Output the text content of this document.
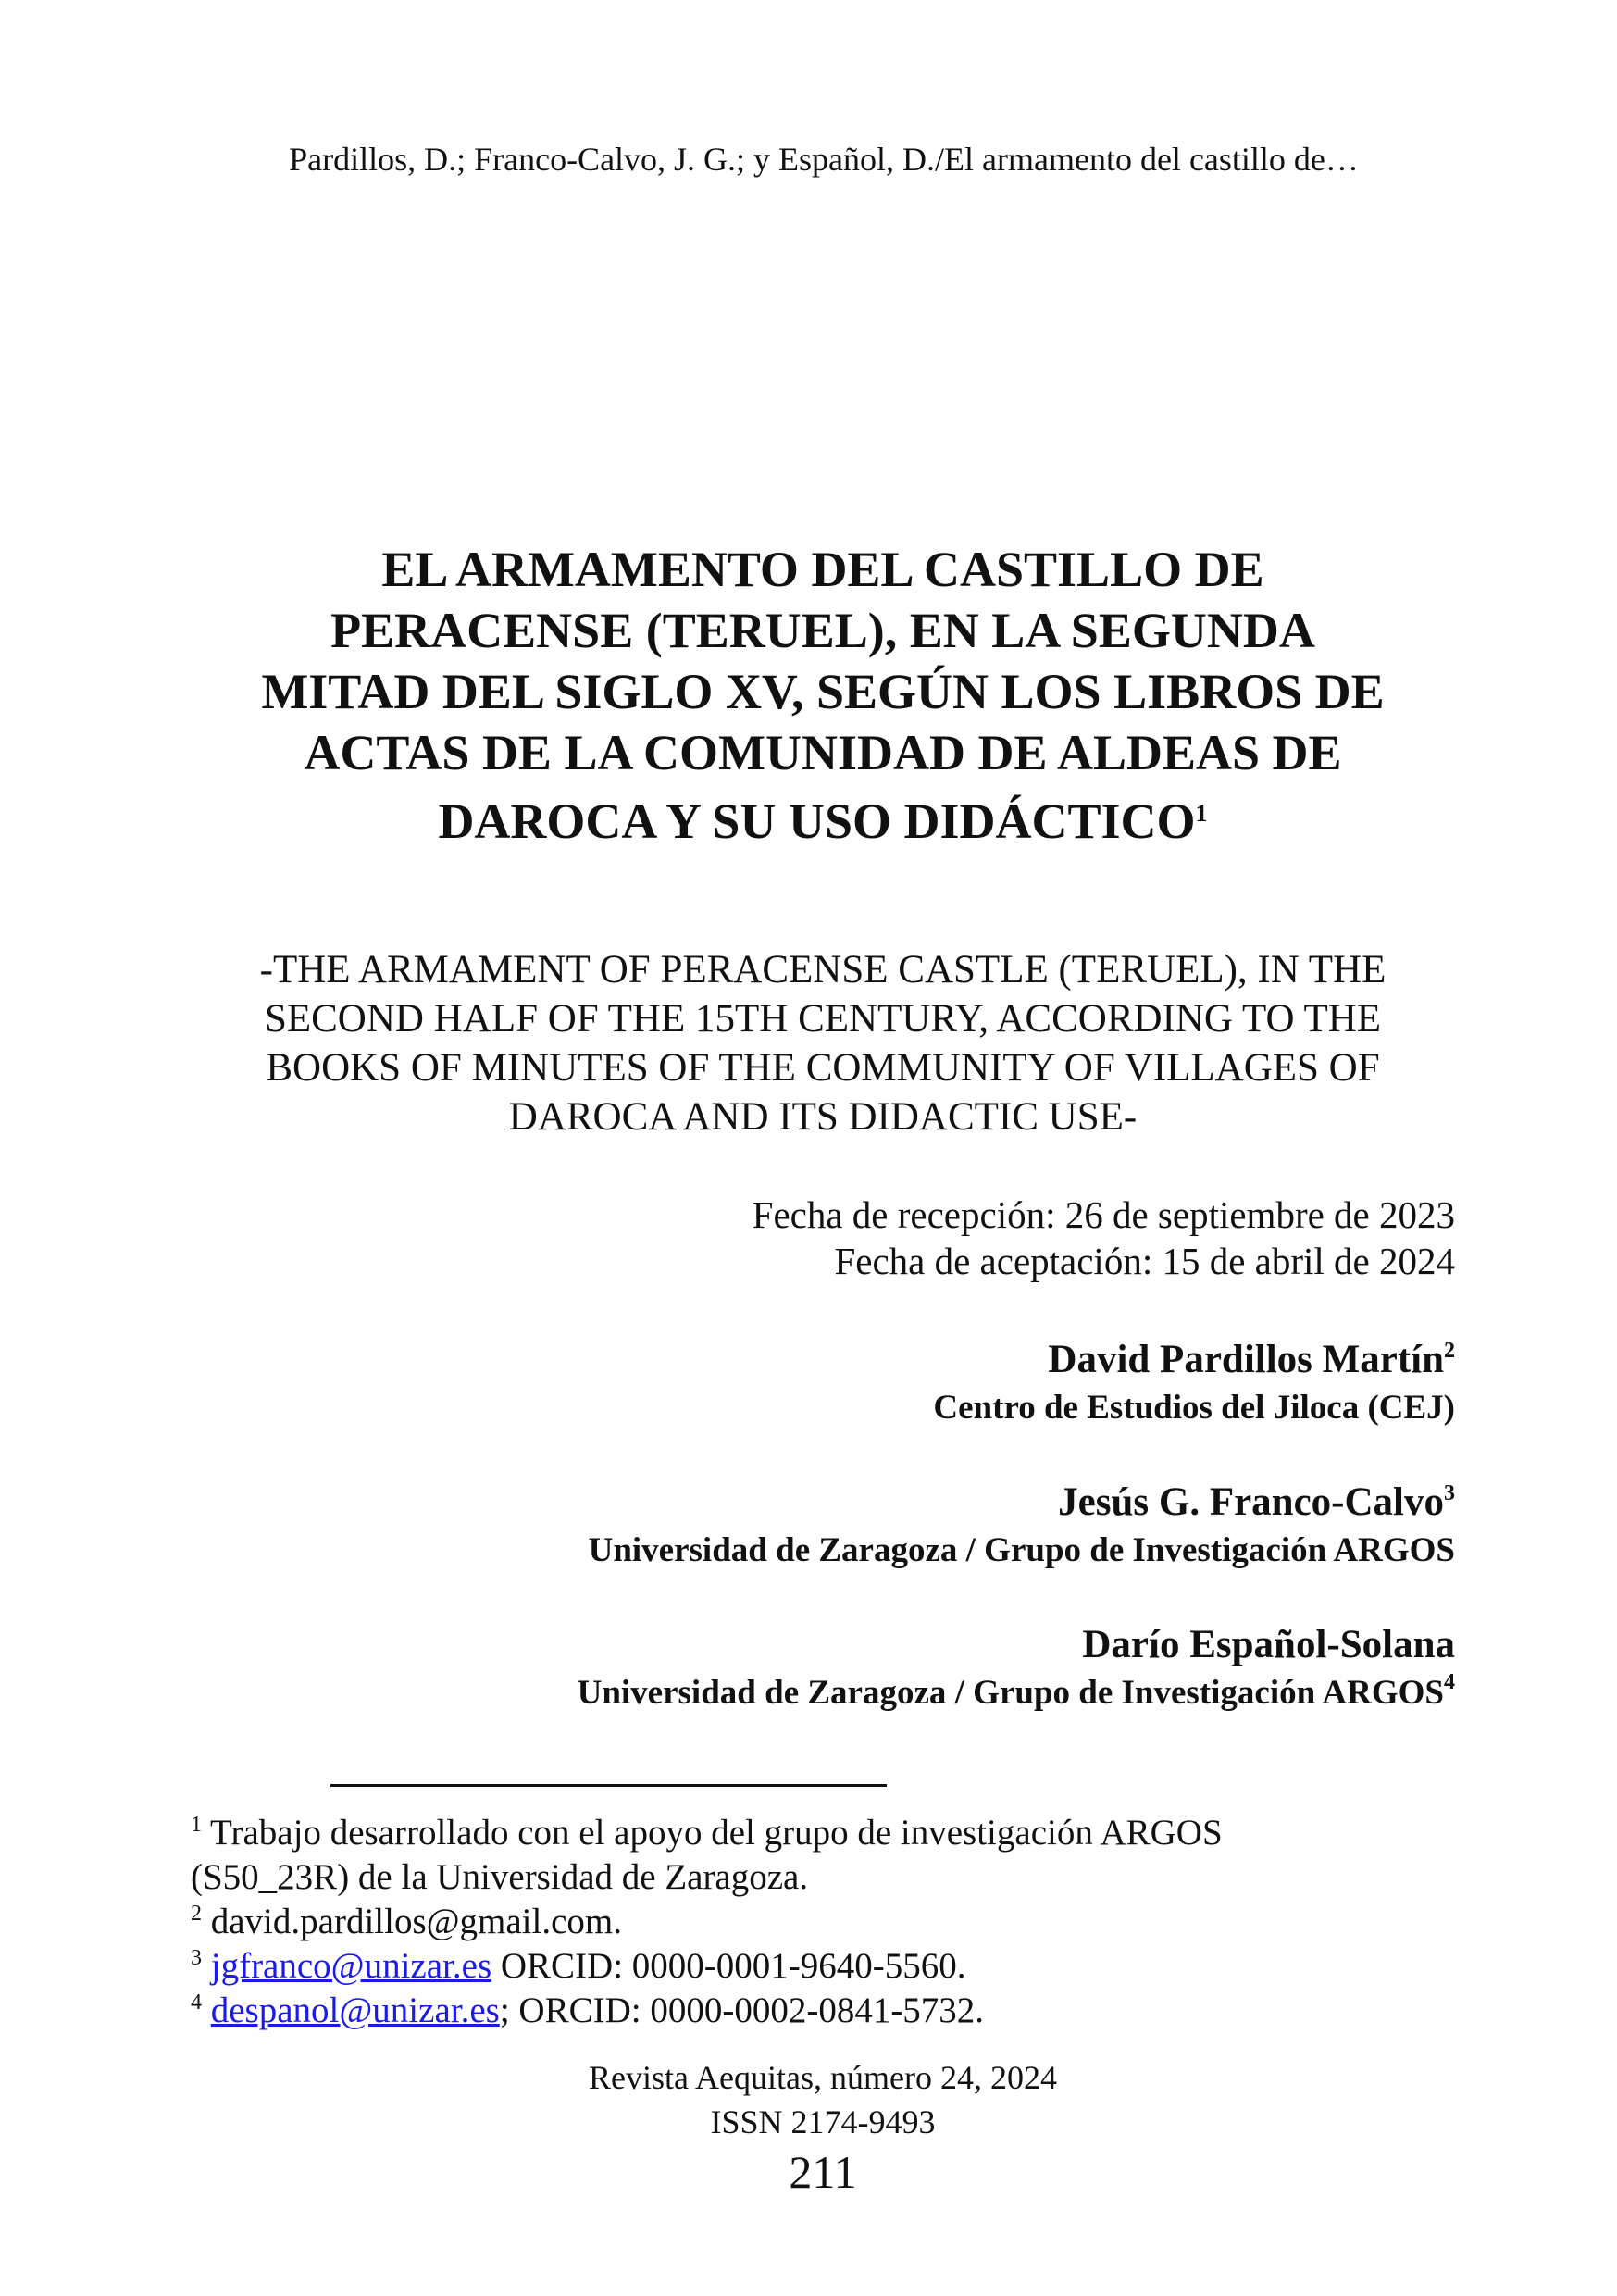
Pardillos, D.; Franco-Calvo, J. G.; y Español, D./El armamento del castillo de…
EL ARMAMENTO DEL CASTILLO DE
PERACENSE (TERUEL), EN LA SEGUNDA
MITAD DEL SIGLO XV, SEGÚN LOS LIBROS DE
ACTAS DE LA COMUNIDAD DE ALDEAS DE
DAROCA Y SU USO DIDÁCTICO$^1$
-THE ARMAMENT OF PERACENSE CASTLE (TERUEL), IN THE
SECOND HALF OF THE 15TH CENTURY, ACCORDING TO THE
BOOKS OF MINUTES OF THE COMMUNITY OF VILLAGES OF
DAROCA AND ITS DIDACTIC USE-
Fecha de recepción: 26 de septiembre de 2023
Fecha de aceptación: 15 de abril de 2024
David Pardillos Martín$^2$
Centro de Estudios del Jiloca (CEJ)
Jesús G. Franco-Calvo$^3$
Universidad de Zaragoza / Grupo de Investigación ARGOS
Darío Español-Solana
Universidad de Zaragoza / Grupo de Investigación ARGOS$^4$

$^1$ Trabajo desarrollado con el apoyo del grupo de investigación ARGOS

(S50_23R) de la Universidad de Zaragoza.

$^2$ david.pardillos@gmail.com.

$^3$ jgfranco@unizar.es ORCID: 0000-0001-9640-5560.

$^4$ despanol@unizar.es; ORCID: 0000-0002-0841-5732.

Revista Aequitas, número 24, 2024
ISSN 2174-9493
211
